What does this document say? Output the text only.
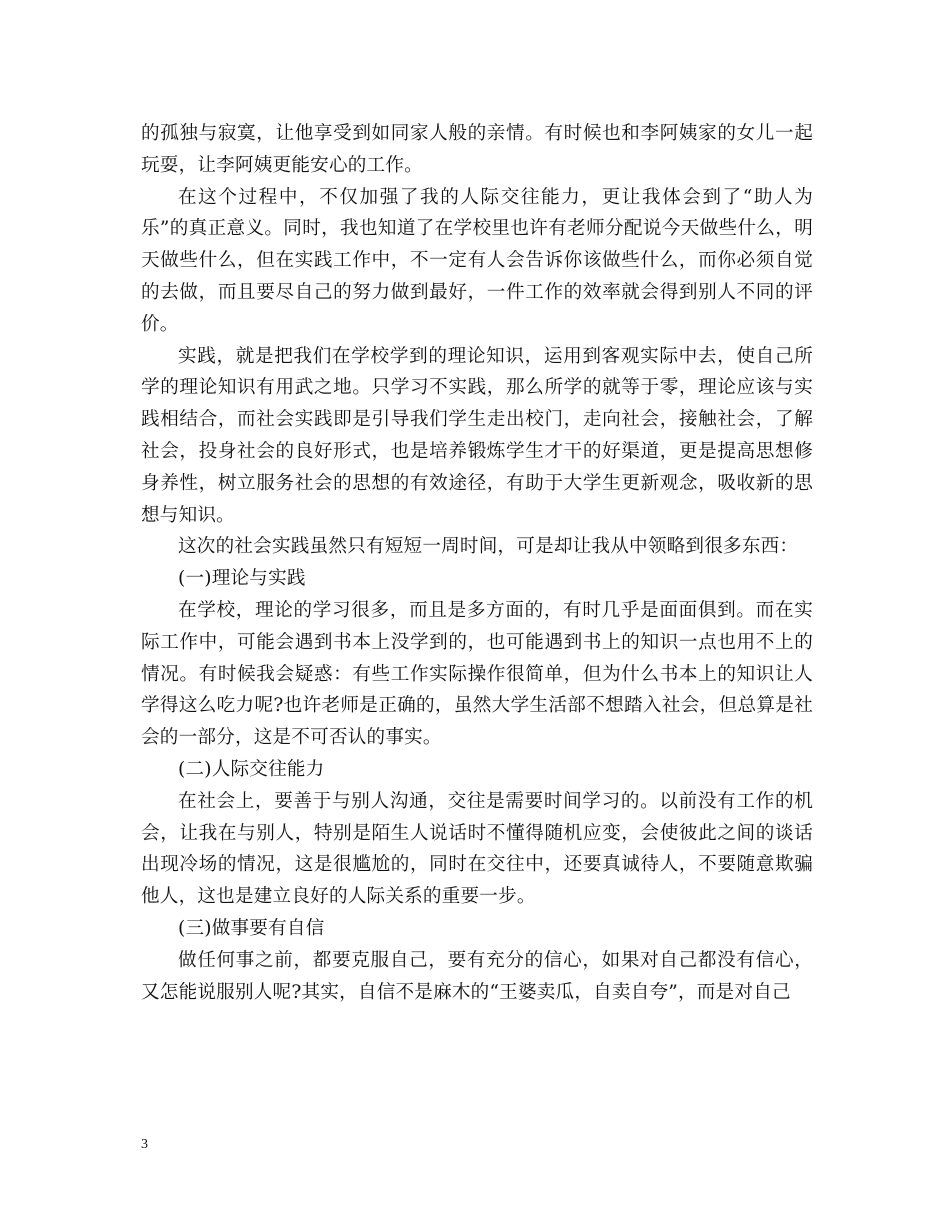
的孤独与寂寞，让他享受到如同家人般的亲情。有时候也和李阿姨家的女儿一起玩耍，让李阿姨更能安心的工作。

在这个过程中，不仅加强了我的人际交往能力，更让我体会到了“助人为乐”的真正意义。同时，我也知道了在学校里也许有老师分配说今天做些什么，明天做些什么，但在实践工作中，不一定有人会告诉你该做些什么，而你必须自觉的去做，而且要尽自己的努力做到最好，一件工作的效率就会得到别人不同的评价。

实践，就是把我们在学校学到的理论知识，运用到客观实际中去，使自己所学的理论知识有用武之地。只学习不实践，那么所学的就等于零，理论应该与实践相结合，而社会实践即是引导我们学生走出校门，走向社会，接触社会，了解社会，投身社会的良好形式，也是培养锻炼学生才干的好渠道，更是提高思想修身养性，树立服务社会的思想的有效途径，有助于大学生更新观念，吸收新的思想与知识。

这次的社会实践虽然只有短短一周时间，可是却让我从中领略到很多东西：

(一)理论与实践

在学校，理论的学习很多，而且是多方面的，有时几乎是面面俱到。而在实际工作中，可能会遇到书本上没学到的，也可能遇到书上的知识一点也用不上的情况。有时候我会疑惑：有些工作实际操作很简单，但为什么书本上的知识让人学得这么吃力呢?也许老师是正确的，虽然大学生活部不想踏入社会，但总算是社会的一部分，这是不可否认的事实。

(二)人际交往能力

在社会上，要善于与别人沟通，交往是需要时间学习的。以前没有工作的机会，让我在与别人，特别是陌生人说话时不懂得随机应变，会使彼此之间的谈话出现冷场的情况，这是很尴尬的，同时在交往中，还要真诚待人，不要随意欺骗他人，这也是建立良好的人际关系的重要一步。

(三)做事要有自信

做任何事之前，都要克服自己，要有充分的信心，如果对自己都没有信心，又怎能说服别人呢?其实，自信不是麻木的“王婆卖瓜，自卖自夸”，而是对自己

3
